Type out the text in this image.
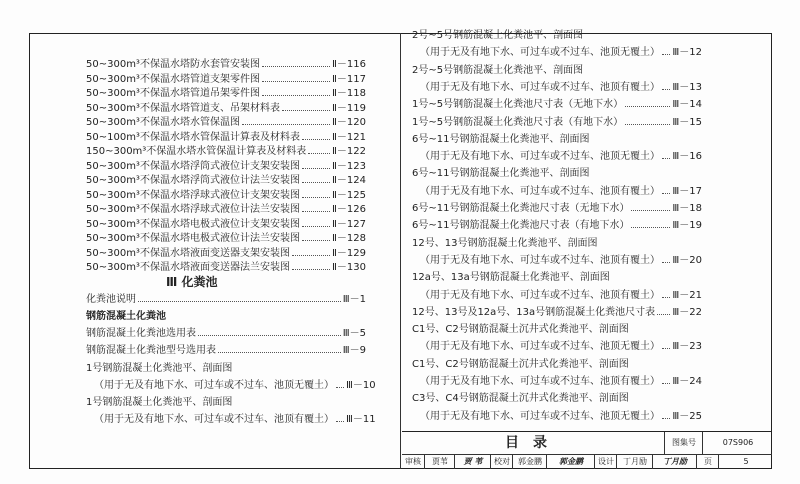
50~300m³不保温水塔防水套管安装图	Ⅱ－116
50~300m³不保温水塔管道支架零件图	Ⅱ－117
50~300m³不保温水塔管道吊架零件图	Ⅱ－118
50~300m³不保温水塔管道支、吊架材料表	Ⅱ－119
50~300m³不保温水塔水管保温图	Ⅱ－120
50~100m³不保温水塔水管保温计算表及材料表	Ⅱ－121
150~300m³不保温水塔水管保温计算表及材料表	Ⅱ－122
50~300m³不保温水塔浮筒式液位计支架安装图	Ⅱ－123
50~300m³不保温水塔浮筒式液位计法兰安装图	Ⅱ－124
50~300m³不保温水塔浮球式液位计支架安装图	Ⅱ－125
50~300m³不保温水塔浮球式液位计法兰安装图	Ⅱ－126
50~300m³不保温水塔电极式液位计支架安装图	Ⅱ－127
50~300m³不保温水塔电极式液位计法兰安装图	Ⅱ－128
50~300m³不保温水塔液面变送器支架安装图	Ⅱ－129
50~300m³不保温水塔液面变送器法兰安装图	Ⅱ－130
Ⅲ 化粪池
化粪池说明	Ⅲ－1
钢筋混凝土化粪池
钢筋混凝土化粪池选用表	Ⅲ－5
钢筋混凝土化粪池型号选用表	Ⅲ－9
1号钢筋混凝土化粪池平、剖面图
（用于无及有地下水、可过车或不过车、池顶无覆土） Ⅲ－10
1号钢筋混凝土化粪池平、剖面图
（用于无及有地下水、可过车或不过车、池顶有覆土） Ⅲ－11
2号~5号钢筋混凝土化粪池平、剖面图
（用于无及有地下水、可过车或不过车、池顶无覆土） Ⅲ－12
2号~5号钢筋混凝土化粪池平、剖面图
（用于无及有地下水、可过车或不过车、池顶有覆土） Ⅲ－13
1号~5号钢筋混凝土化粪池尺寸表（无地下水）	Ⅲ－14
1号~5号钢筋混凝土化粪池尺寸表（有地下水）	Ⅲ－15
6号~11号钢筋混凝土化粪池平、剖面图
（用于无及有地下水、可过车或不过车、池顶无覆土） Ⅲ－16
6号~11号钢筋混凝土化粪池平、剖面图
（用于无及有地下水、可过车或不过车、池顶有覆土） Ⅲ－17
6号~11号钢筋混凝土化粪池尺寸表（无地下水）	Ⅲ－18
6号~11号钢筋混凝土化粪池尺寸表（有地下水）	Ⅲ－19
12号、13号钢筋混凝土化粪池平、剖面图
（用于无及有地下水、可过车或不过车、池顶有覆土） Ⅲ－20
12a号、13a号钢筋混凝土化粪池平、剖面图
（用于无及有地下水、可过车或不过车、池顶有覆土） Ⅲ－21
12号、13号及12a号、13a号钢筋混凝土化粪池尺寸表 Ⅲ－22
C1号、C2号钢筋混凝土沉井式化粪池平、剖面图
（用于无及有地下水、可过车或不过车、池顶无覆土） Ⅲ－23
C1号、C2号钢筋混凝土沉井式化粪池平、剖面图
（用于无及有地下水、可过车或不过车、池顶有覆土） Ⅲ－24
C3号、C4号钢筋混凝土沉井式化粪池平、剖面图
（用于无及有地下水、可过车或不过车、池顶无覆土） Ⅲ－25
目录	图集号	07S906
审核	贾苇	贾 苇	校对	郭金鹏	郭金鹏	设计	丁月励	丁月励	页	5
